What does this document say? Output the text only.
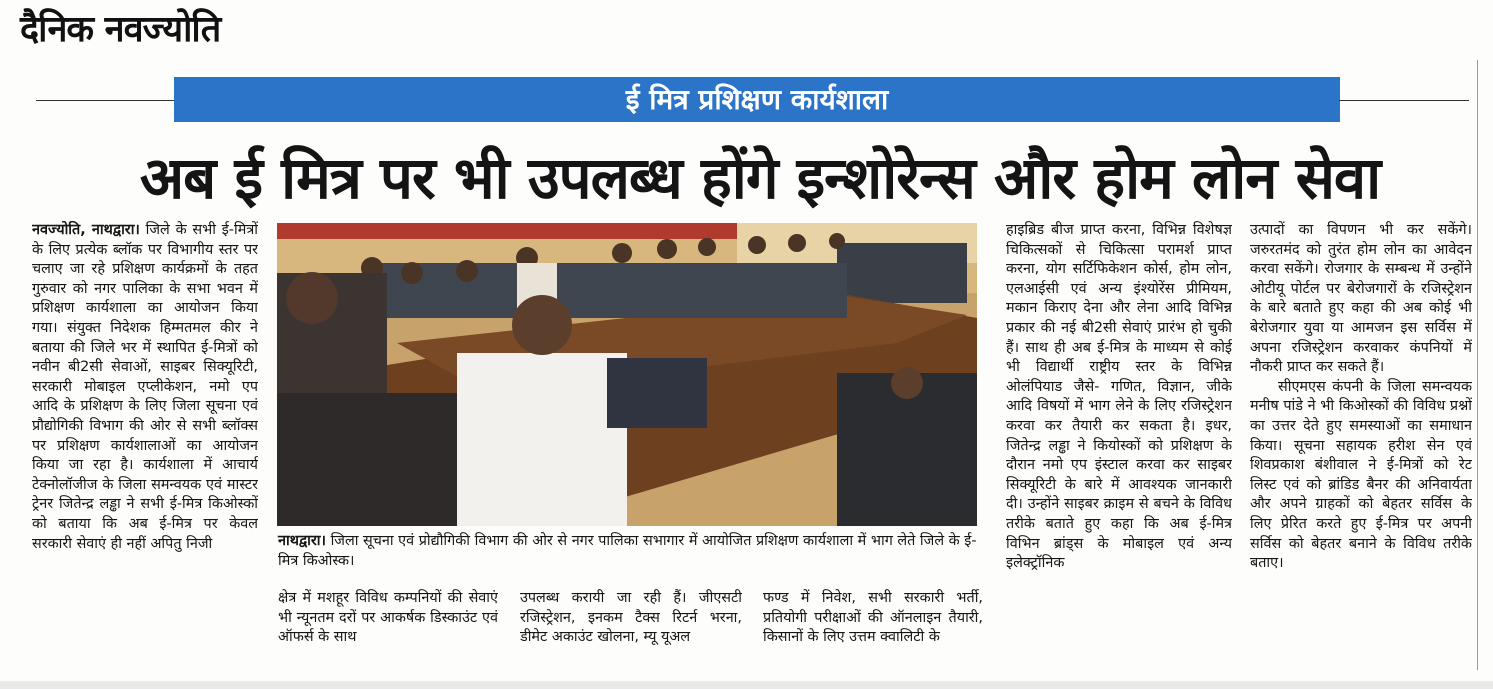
दैनिक नवज्योति
ई मित्र प्रशिक्षण कार्यशाला
अब ई मित्र पर भी उपलब्ध होंगे इन्शोरेन्स और होम लोन सेवा
नवज्योति, नाथद्वारा। जिले के सभी ई-मित्रों के लिए प्रत्येक ब्लॉक पर विभागीय स्तर पर चलाए जा रहे प्रशिक्षण कार्यक्रमों के तहत गुरुवार को नगर पालिका के सभा भवन में प्रशिक्षण कार्यशाला का आयोजन किया गया। संयुक्त निदेशक हिम्मतमल कीर ने बताया की जिले भर में स्थापित ई-मित्रों को नवीन बी2सी सेवाओं, साइबर सिक्यूरिटी, सरकारी मोबाइल एप्लीकेशन, नमो एप आदि के प्रशिक्षण के लिए जिला सूचना एवं प्रौद्योगिकी विभाग की ओर से सभी ब्लॉक्स पर प्रशिक्षण कार्यशालाओं का आयोजन किया जा रहा है। कार्यशाला में आचार्य टेक्नोलॉजीज के जिला समन्वयक एवं मास्टर ट्रेनर जितेन्द्र लड्ढा ने सभी ई-मित्र किओस्कों को बताया कि अब ई-मित्र पर केवल सरकारी सेवाएं ही नहीं अपितु निजी	नाथद्वारा। जिला सूचना एवं प्रोद्यौगिकी विभाग की ओर से नगर पालिका सभागार में आयोजित प्रशिक्षण कार्यशाला में भाग लेते जिले के ई-मित्र किओस्क।
क्षेत्र में मशहूर विविध कम्पनियों की सेवाएं भी न्यूनतम दरों पर आकर्षक डिस्काउंट एवं ऑफर्स के साथ
उपलब्ध करायी जा रही हैं। जीएसटी रजिस्ट्रेशन, इनकम टैक्स रिटर्न भरना, डीमेट अकाउंट खोलना, म्यू यूअल
फण्ड में निवेश, सभी सरकारी भर्ती, प्रतियोगी परीक्षाओं की ऑनलाइन तैयारी, किसानों के लिए उत्तम क्वालिटी के
हाइब्रिड बीज प्राप्त करना, विभिन्न विशेषज्ञ चिकित्सकों से चिकित्सा परामर्श प्राप्त करना, योग सर्टिफिकेशन कोर्स, होम लोन, एलआईसी एवं अन्य इंश्योरेंस प्रीमियम, मकान किराए देना और लेना आदि विभिन्न प्रकार की नई बी2सी सेवाएं प्रारंभ हो चुकी हैं। साथ ही अब ई-मित्र के माध्यम से कोई भी विद्यार्थी राष्ट्रीय स्तर के विभिन्न ओलंपियाड जैसे- गणित, विज्ञान, जीके आदि विषयों में भाग लेने के लिए रजिस्ट्रेशन करवा कर तैयारी कर सकता है। इधर, जितेन्द्र लड्ढा ने कियोस्कों को प्रशिक्षण के दौरान नमो एप इंस्टाल करवा कर साइबर सिक्यूरिटी के बारे में आवश्यक जानकारी दी। उन्होंने साइबर क्राइम से बचने के विविध तरीके बताते हुए कहा कि अब ई-मित्र विभिन ब्रांड्स के मोबाइल एवं अन्य इलेक्ट्रॉनिक
उत्पादों का विपणन भी कर सकेंगे। जरुरतमंद को तुरंत होम लोन का आवेदन करवा सकेंगे। रोजगार के सम्बन्ध में उन्होंने ओटीयू पोर्टल पर बेरोजगारों के रजिस्ट्रेशन के बारे बताते हुए कहा की अब कोई भी बेरोजगार युवा या आमजन इस सर्विस में अपना रजिस्ट्रेशन करवाकर कंपनियों में नौकरी प्राप्त कर सकते हैं।
सीएमएस कंपनी के जिला समन्वयक मनीष पांडे ने भी किओस्कों की विविध प्रश्नों का उत्तर देते हुए समस्याओं का समाधान किया। सूचना सहायक हरीश सेन एवं शिवप्रकाश बंशीवाल ने ई-मित्रों को रेट लिस्ट एवं को ब्रांडिड बैनर की अनिवार्यता और अपने ग्राहकों को बेहतर सर्विस के लिए प्रेरित करते हुए ई-मित्र पर अपनी सर्विस को बेहतर बनाने के विविध तरीके बताए।
